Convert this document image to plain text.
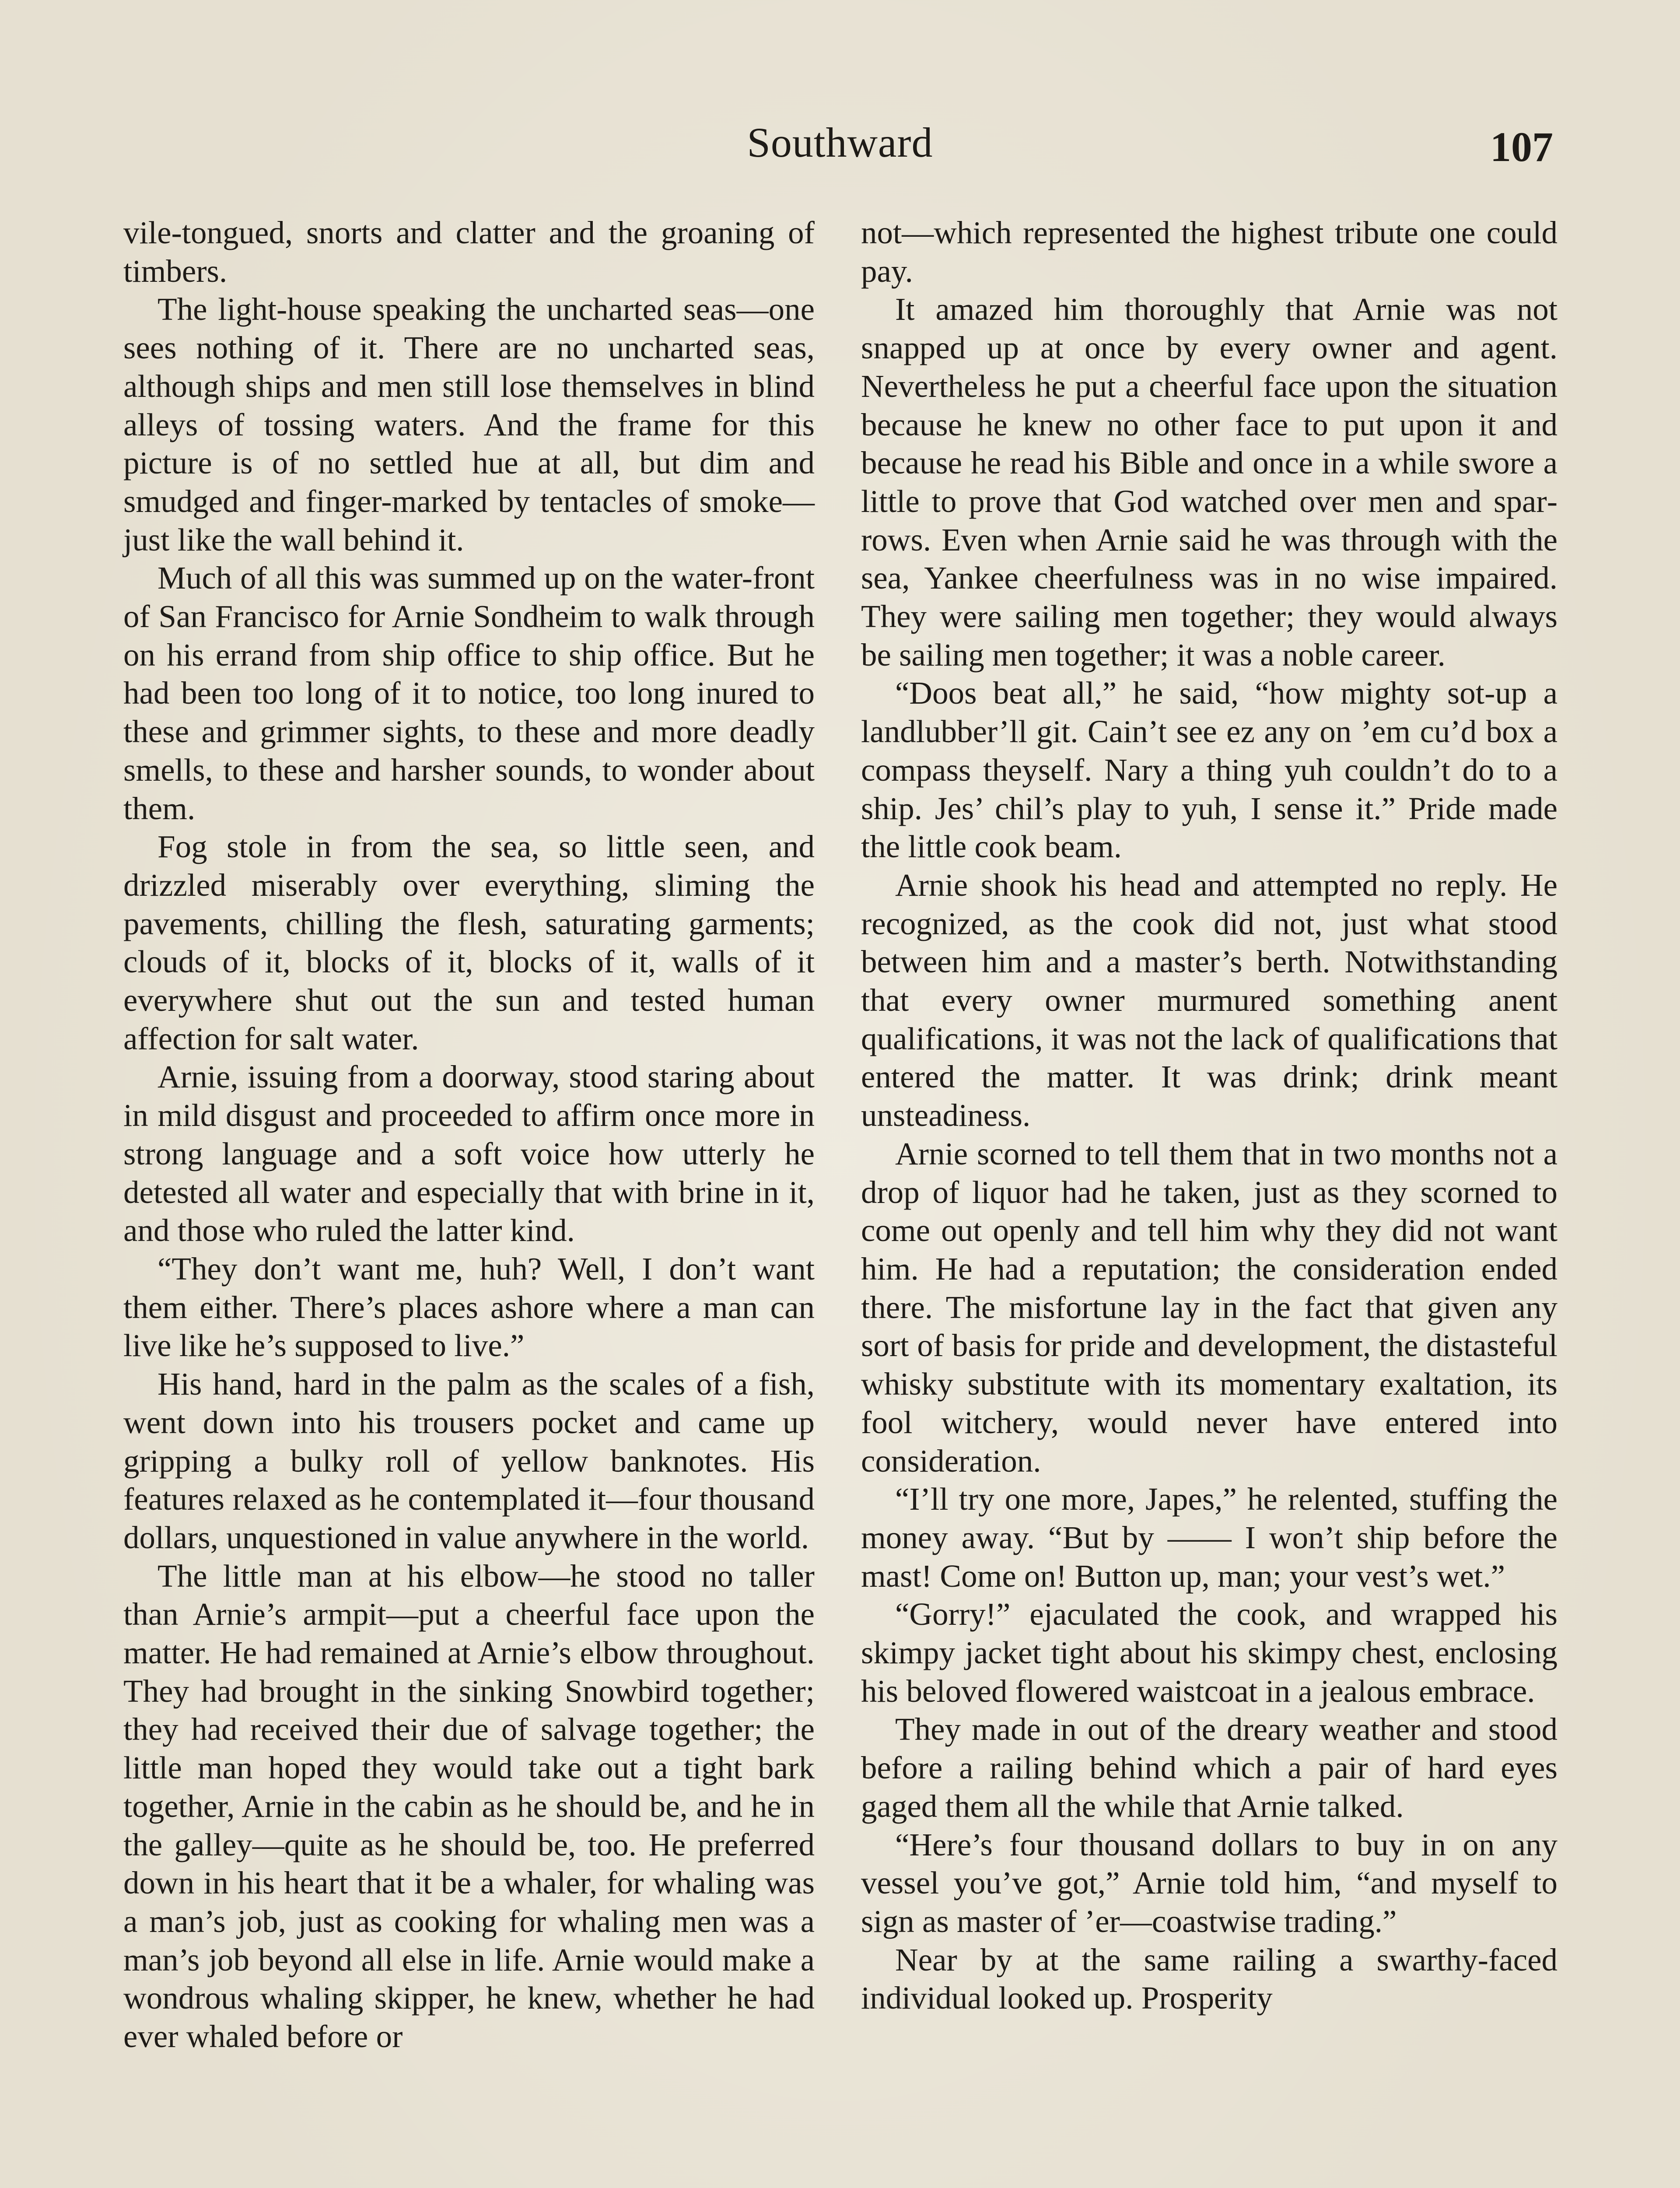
Southward	107

vile-tongued, snorts and clatter and the groaning of timbers.

The light-house speaking the uncharted seas—one sees nothing of it. There are no uncharted seas, although ships and men still lose themselves in blind alleys of tossing waters. And the frame for this picture is of no settled hue at all, but dim and smudged and finger-marked by tentacles of smoke—just like the wall behind it.

Much of all this was summed up on the water-front of San Francisco for Arnie Sondheim to walk through on his errand from ship office to ship office. But he had been too long of it to notice, too long inured to these and grimmer sights, to these and more deadly smells, to these and harsher sounds, to wonder about them.

Fog stole in from the sea, so little seen, and drizzled miserably over everything, sliming the pavements, chilling the flesh, saturating garments; clouds of it, blocks of it, blocks of it, walls of it everywhere shut out the sun and tested human affection for salt water.

Arnie, issuing from a doorway, stood staring about in mild disgust and proceeded to affirm once more in strong language and a soft voice how utterly he detested all water and especially that with brine in it, and those who ruled the latter kind.

“They don’t want me, huh? Well, I don’t want them either. There’s places ashore where a man can live like he’s supposed to live.”

His hand, hard in the palm as the scales of a fish, went down into his trousers pocket and came up gripping a bulky roll of yellow banknotes. His features relaxed as he contemplated it—four thousand dollars, unquestioned in value anywhere in the world.

The little man at his elbow—he stood no taller than Arnie’s armpit—put a cheerful face upon the matter. He had remained at Arnie’s elbow throughout. They had brought in the sinking Snowbird together; they had received their due of salvage together; the little man hoped they would take out a tight bark together, Arnie in the cabin as he should be, and he in the galley—quite as he should be, too. He preferred down in his heart that it be a whaler, for whaling was a man’s job, just as cooking for whaling men was a man’s job beyond all else in life. Arnie would make a wondrous whaling skipper, he knew, whether he had ever whaled before or

not—which represented the highest tribute one could pay.

It amazed him thoroughly that Arnie was not snapped up at once by every owner and agent. Nevertheless he put a cheerful face upon the situation because he knew no other face to put upon it and because he read his Bible and once in a while swore a little to prove that God watched over men and sparrows. Even when Arnie said he was through with the sea, Yankee cheerfulness was in no wise impaired. They were sailing men together; they would always be sailing men together; it was a noble career.

“Doos beat all,” he said, “how mighty sot-up a landlubber’ll git. Cain’t see ez any on ’em cu’d box a compass theyself. Nary a thing yuh couldn’t do to a ship. Jes’ chil’s play to yuh, I sense it.” Pride made the little cook beam.

Arnie shook his head and attempted no reply. He recognized, as the cook did not, just what stood between him and a master’s berth. Notwithstanding that every owner murmured something anent qualifications, it was not the lack of qualifications that entered the matter. It was drink; drink meant unsteadiness.

Arnie scorned to tell them that in two months not a drop of liquor had he taken, just as they scorned to come out openly and tell him why they did not want him. He had a reputation; the consideration ended there. The misfortune lay in the fact that given any sort of basis for pride and development, the distasteful whisky substitute with its momentary exaltation, its fool witchery, would never have entered into consideration.

“I’ll try one more, Japes,” he relented, stuffing the money away. “But by —— I won’t ship before the mast! Come on! Button up, man; your vest’s wet.”

“Gorry!” ejaculated the cook, and wrapped his skimpy jacket tight about his skimpy chest, enclosing his beloved flowered waistcoat in a jealous embrace.

They made in out of the dreary weather and stood before a railing behind which a pair of hard eyes gaged them all the while that Arnie talked.

“Here’s four thousand dollars to buy in on any vessel you’ve got,” Arnie told him, “and myself to sign as master of ’er—coastwise trading.”

Near by at the same railing a swarthy-faced individual looked up. Prosperity
